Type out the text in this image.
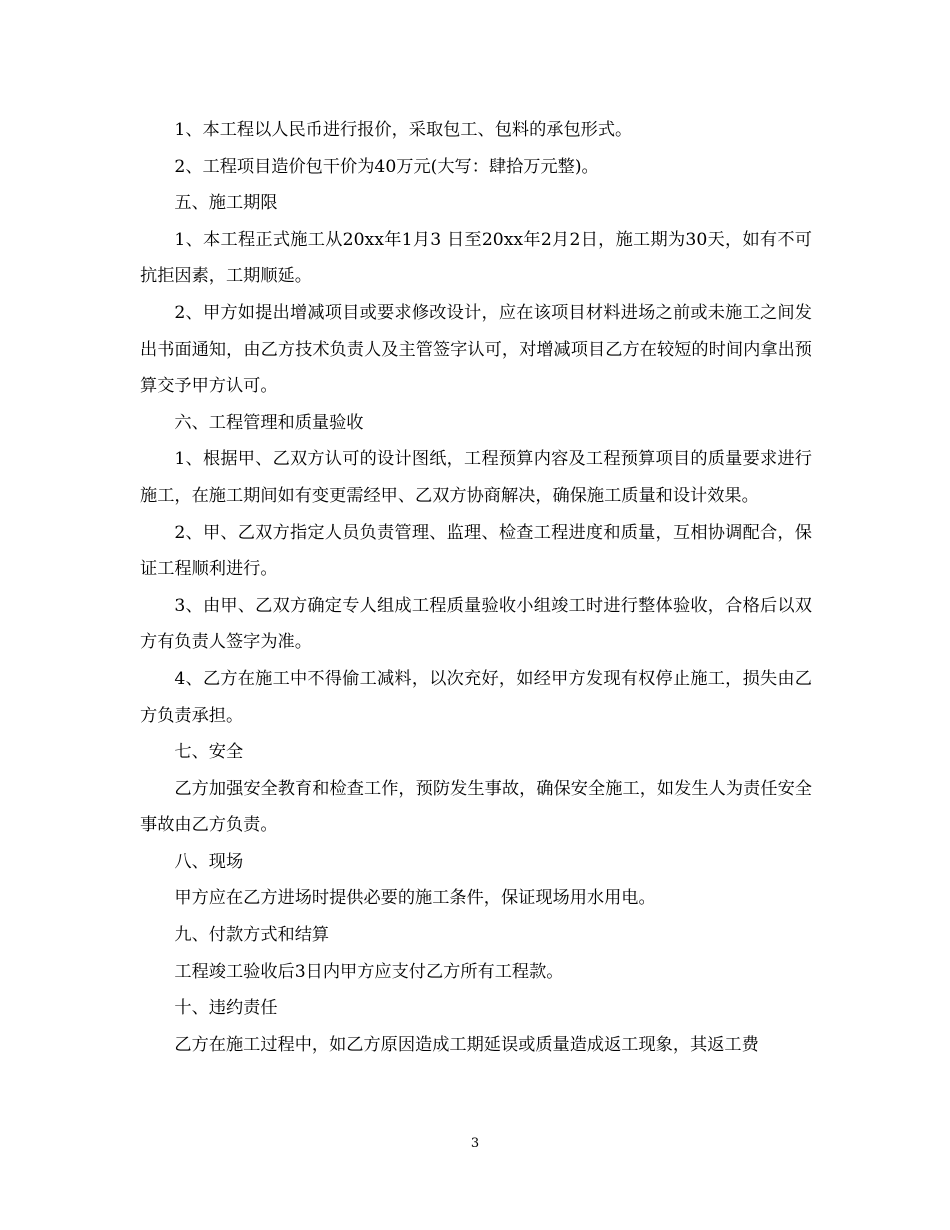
1、本工程以人民币进行报价，采取包工、包料的承包形式。

2、工程项目造价包干价为40万元(大写：肆拾万元整)。

五、施工期限

1、本工程正式施工从20xx年1月3 日至20xx年2月2日，施工期为30天，如有不可抗拒因素，工期顺延。

2、甲方如提出增减项目或要求修改设计，应在该项目材料进场之前或未施工之间发出书面通知，由乙方技术负责人及主管签字认可，对增减项目乙方在较短的时间内拿出预算交予甲方认可。

六、工程管理和质量验收

1、根据甲、乙双方认可的设计图纸，工程预算内容及工程预算项目的质量要求进行施工，在施工期间如有变更需经甲、乙双方协商解决，确保施工质量和设计效果。

2、甲、乙双方指定人员负责管理、监理、检查工程进度和质量，互相协调配合，保证工程顺利进行。

3、由甲、乙双方确定专人组成工程质量验收小组竣工时进行整体验收，合格后以双方有负责人签字为准。

4、乙方在施工中不得偷工减料，以次充好，如经甲方发现有权停止施工，损失由乙方负责承担。

七、安全

乙方加强安全教育和检查工作，预防发生事故，确保安全施工，如发生人为责任安全事故由乙方负责。

八、现场

甲方应在乙方进场时提供必要的施工条件，保证现场用水用电。

九、付款方式和结算

工程竣工验收后3日内甲方应支付乙方所有工程款。

十、违约责任

乙方在施工过程中，如乙方原因造成工期延误或质量造成返工现象，其返工费

3
